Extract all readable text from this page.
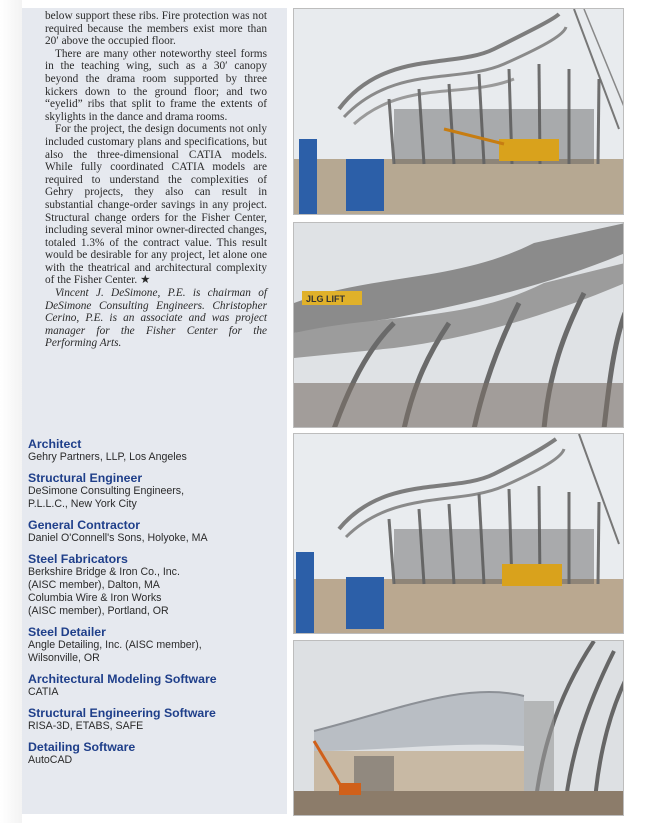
below support these ribs. Fire protection was not required because the members exist more than 20′ above the occupied floor.

There are many other noteworthy steel forms in the teaching wing, such as a 30′ canopy beyond the drama room supported by three kickers down to the ground floor; and two “eyelid” ribs that split to frame the extents of skylights in the dance and drama rooms.

For the project, the design documents not only included customary plans and specifications, but also the three-dimensional CATIA models. While fully coordinated CATIA models are required to understand the complexities of Gehry projects, they also can result in substantial change-order savings in any project. Structural change orders for the Fisher Center, including several minor owner-directed changes, totaled 1.3% of the contract value. This result would be desirable for any project, let alone one with the theatrical and architectural complexity of the Fisher Center. ★

Vincent J. DeSimone, P.E. is chairman of DeSimone Consulting Engineers. Christopher Cerino, P.E. is an associate and was project manager for the Fisher Center for the Performing Arts.

Architect
Gehry Partners, LLP, Los Angeles
Structural Engineer
DeSimone Consulting Engineers,
P.L.L.C., New York City
General Contractor
Daniel O'Connell's Sons, Holyoke, MA
Steel Fabricators
Berkshire Bridge & Iron Co., Inc.
(AISC member), Dalton, MA
Columbia Wire & Iron Works
(AISC member), Portland, OR
Steel Detailer
Angle Detailing, Inc. (AISC member),
Wilsonville, OR
Architectural Modeling Software
CATIA
Structural Engineering Software
RISA-3D, ETABS, SAFE
Detailing Software
AutoCAD
JLG LIFT
